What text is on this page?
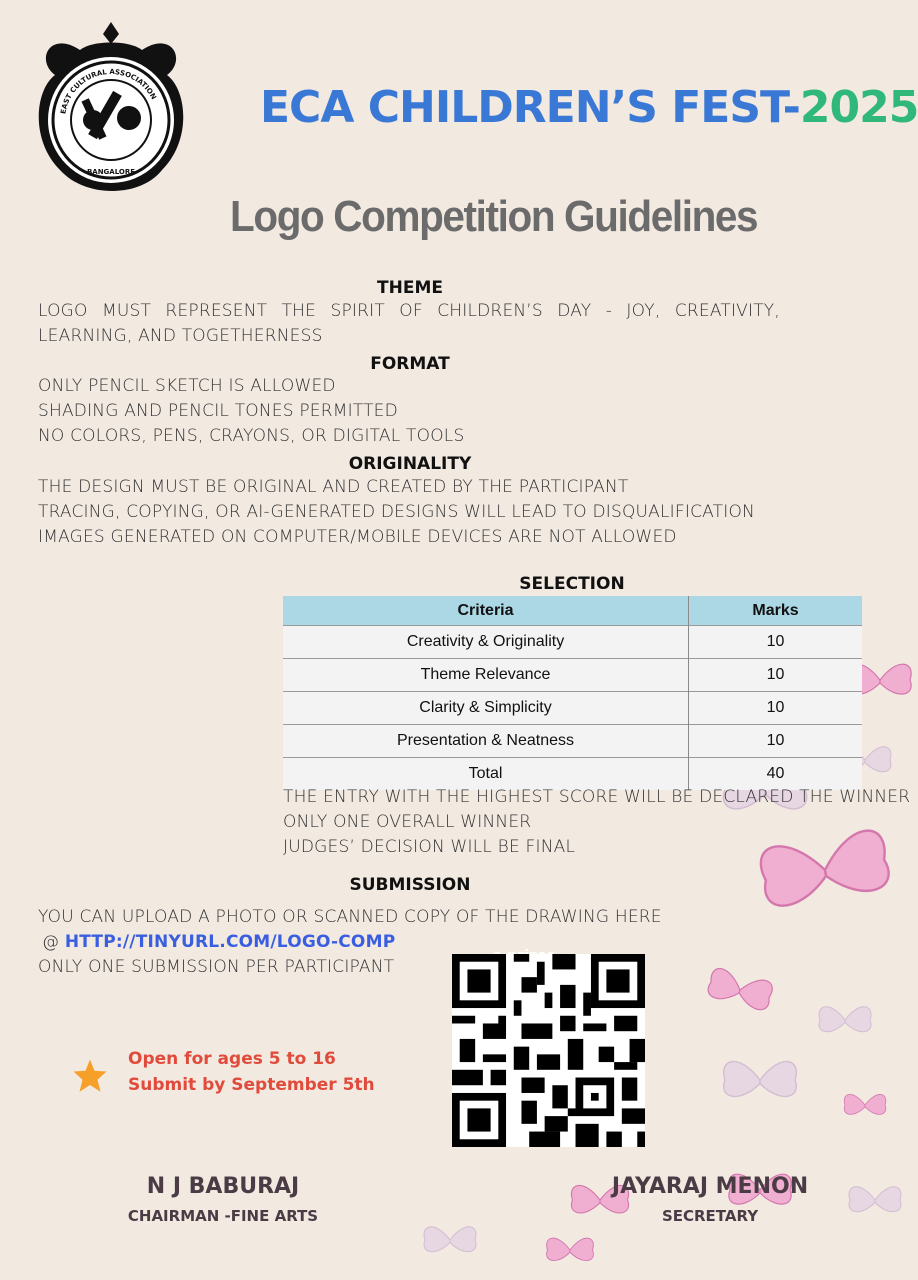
EAST CULTURAL ASSOCIATION
BANGALORE
ECA CHILDREN’S FEST-2025
Logo Competition Guidelines
THEME
LOGO MUST REPRESENT THE SPIRIT OF CHILDREN’S DAY - JOY, CREATIVITY,
LEARNING, AND TOGETHERNESS
FORMAT
ONLY PENCIL SKETCH IS ALLOWED
SHADING AND PENCIL TONES PERMITTED
NO COLORS, PENS, CRAYONS, OR DIGITAL TOOLS
ORIGINALITY
THE DESIGN MUST BE ORIGINAL AND CREATED BY THE PARTICIPANT
TRACING, COPYING, OR AI-GENERATED DESIGNS WILL LEAD TO DISQUALIFICATION
IMAGES GENERATED ON COMPUTER/MOBILE DEVICES ARE NOT ALLOWED
SELECTION
Criteria	Marks
Creativity & Originality	10
Theme Relevance	10
Clarity & Simplicity	10
Presentation & Neatness	10
Total	40
THE ENTRY WITH THE HIGHEST SCORE WILL BE DECLARED THE WINNER
ONLY ONE OVERALL WINNER
JUDGES’ DECISION WILL BE FINAL
SUBMISSION
YOU CAN UPLOAD A PHOTO OR SCANNED COPY OF THE DRAWING HERE
@ HTTP://TINYURL.COM/LOGO-COMP
ONLY ONE SUBMISSION PER PARTICIPANT
Open for ages 5 to 16
Submit by September 5th
N J BABURAJ
CHAIRMAN -FINE ARTS
JAYARAJ MENON
SECRETARY
